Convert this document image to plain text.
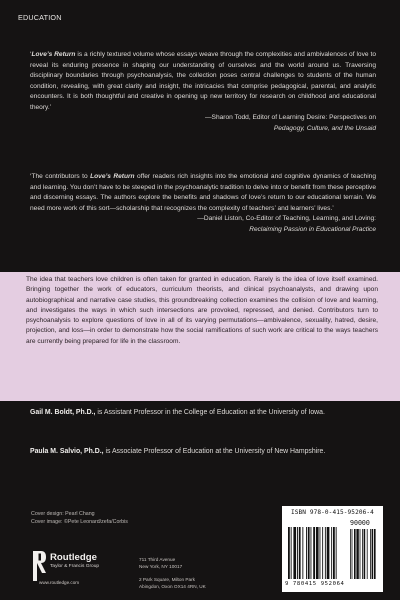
EDUCATION
‘Love’s Return is a richly textured volume whose essays weave through the complexities and ambivalences of love to reveal its enduring presence in shaping our understanding of ourselves and the world around us. Traversing disciplinary boundaries through psychoanalysis, the collection poses central challenges to students of the human condition, revealing, with great clarity and insight, the intricacies that comprise pedagogical, parental, and analytic encounters. It is both thoughtful and creative in opening up new territory for research on childhood and educational theory.’
—Sharon Todd, Editor of Learning Desire: Perspectives on
Pedagogy, Culture, and the Unsaid
‘The contributors to Love’s Return offer readers rich insights into the emotional and cognitive dynamics of teaching and learning. You don’t have to be steeped in the psychoanalytic tradition to delve into or benefit from these perceptive and discerning essays. The authors explore the benefits and shadows of love’s return to our educational terrain. We need more work of this sort—scholarship that recognizes the complexity of teachers’ and learners’ lives.’
—Daniel Liston, Co-Editor of Teaching, Learning, and Loving:
Reclaiming Passion in Educational Practice

The idea that teachers love children is often taken for granted in education. Rarely is the idea of love itself examined. Bringing together the work of educators, curriculum theorists, and clinical psychoanalysts, and drawing upon autobiographical and narrative case studies, this groundbreaking collection examines the collision of love and learning, and investigates the ways in which such intersections are provoked, repressed, and denied. Contributors turn to psychoanalysis to explore questions of love in all of its varying permutations—ambivalence, sexuality, hatred, desire, projection, and loss—in order to demonstrate how the social ramifications of such work are critical to the ways teachers are currently being prepared for life in the classroom.

Gail M. Boldt, Ph.D., is Assistant Professor in the College of Education at the University of Iowa.
Paula M. Salvio, Ph.D., is Associate Professor of Education at the University of New Hampshire.
Cover design: Pearl Chang
Cover image: ©Pete Leonard/zefa/Corbis
Routledge
Taylor & Francis Group
www.routledge.com
711 Third Avenue
New York, NY 10017
2 Park Square, Milton Park
Abingdon, Oxon OX14 4RN, UK
ISBN 978-0-415-95206-4
90000
9 780415 952064
